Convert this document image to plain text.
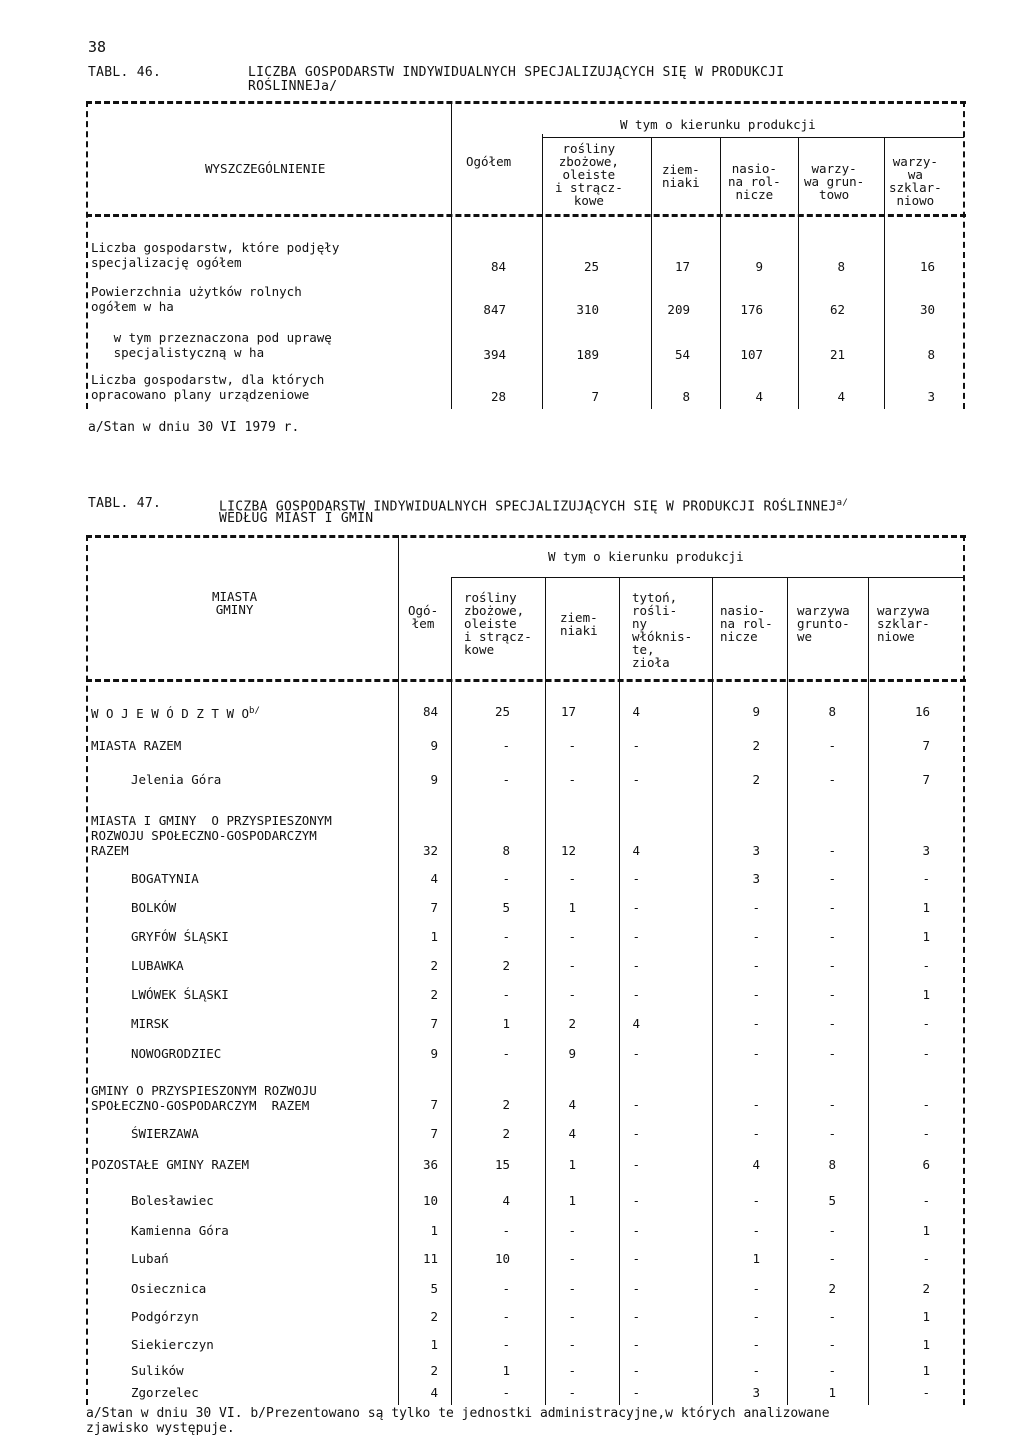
38
TABL. 46.	LICZBA GOSPODARSTW INDYWIDUALNYCH SPECJALIZUJĄCYCH SIĘ W PRODUKCJI
ROŚLINNEJa/
WYSZCZEGÓLNIENIE	Ogółem
W tym o kierunku produkcji
rośliny
zbożowe,
oleiste
i strącz-
kowe
ziem-
niaki
nasio-
na rol-
nicze
warzy-
wa grun-
towo
warzy-
wa
szklar-
niowo
Liczba gospodarstw, które podjęły
specjalizację ogółem	84	25	17	9	8	16
Powierzchnia użytków rolnych
ogółem w ha	847	310	209	176	62	30
w tym przeznaczona pod uprawę
specjalistyczną w ha	394	189	54	107	21	8
Liczba gospodarstw, dla których
opracowano plany urządzeniowe	28	7	8	4	4	3
a/Stan w dniu 30 VI 1979 r.
TABL. 47.	LICZBA GOSPODARSTW INDYWIDUALNYCH SPECJALIZUJĄCYCH SIĘ W PRODUKCJI $ROŚLINNEJ^{a/}$
WEDŁUG MIAST I GMIN
MIASTA
GMINY	Ogó-
łem
W tym o kierunku produkcji
rośliny
zbożowe,
oleiste
i strącz-
kowe
ziem-
niaki
tytoń,
rośli-
ny
włóknis-
te,
zioła
nasio-
na rol-
nicze
warzywa
grunto-
we
warzywa
szklar-
niowe
W O J E W Ó D Z T W $O^{b/}$	84	25	17	4	9	8	16
MIASTA RAZEM	9	-	-	-	2	-	7
Jelenia Góra	9	-	-	-	2	-	7
MIASTA I GMINY  O PRZYSPIESZONYM
ROZWOJU SPOŁECZNO-GOSPODARCZYM
RAZEM	32	8	12	4	3	-	3
BOGATYNIA	4	-	-	-	3	-	-
BOLKÓW	7	5	1	-	-	-	1
GRYFÓW ŚLĄSKI	1	-	-	-	-	-	1
LUBAWKA	2	2	-	-	-	-	-
LWÓWEK ŚLĄSKI	2	-	-	-	-	-	1
MIRSK	7	1	2	4	-	-	-
NOWOGRODZIEC	9	-	9	-	-	-	-
GMINY O PRZYSPIESZONYM ROZWOJU
SPOŁECZNO-GOSPODARCZYM  RAZEM	7	2	4	-	-	-	-
ŚWIERZAWA	7	2	4	-	-	-	-
POZOSTAŁE GMINY RAZEM	36	15	1	-	4	8	6
Bolesławiec	10	4	1	-	-	5	-
Kamienna Góra	1	-	-	-	-	-	1
Lubań	11	10	-	-	1	-	-
Osiecznica	5	-	-	-	-	2	2
Podgórzyn	2	-	-	-	-	-	1
Siekierczyn	1	-	-	-	-	-	1
Sulików	2	1	-	-	-	-	1
Zgorzelec	4	-	-	-	3	1	-
a/Stan w dniu 30 VI. b/Prezentowano są tylko te jednostki administracyjne,w których analizowane
zjawisko występuje.
